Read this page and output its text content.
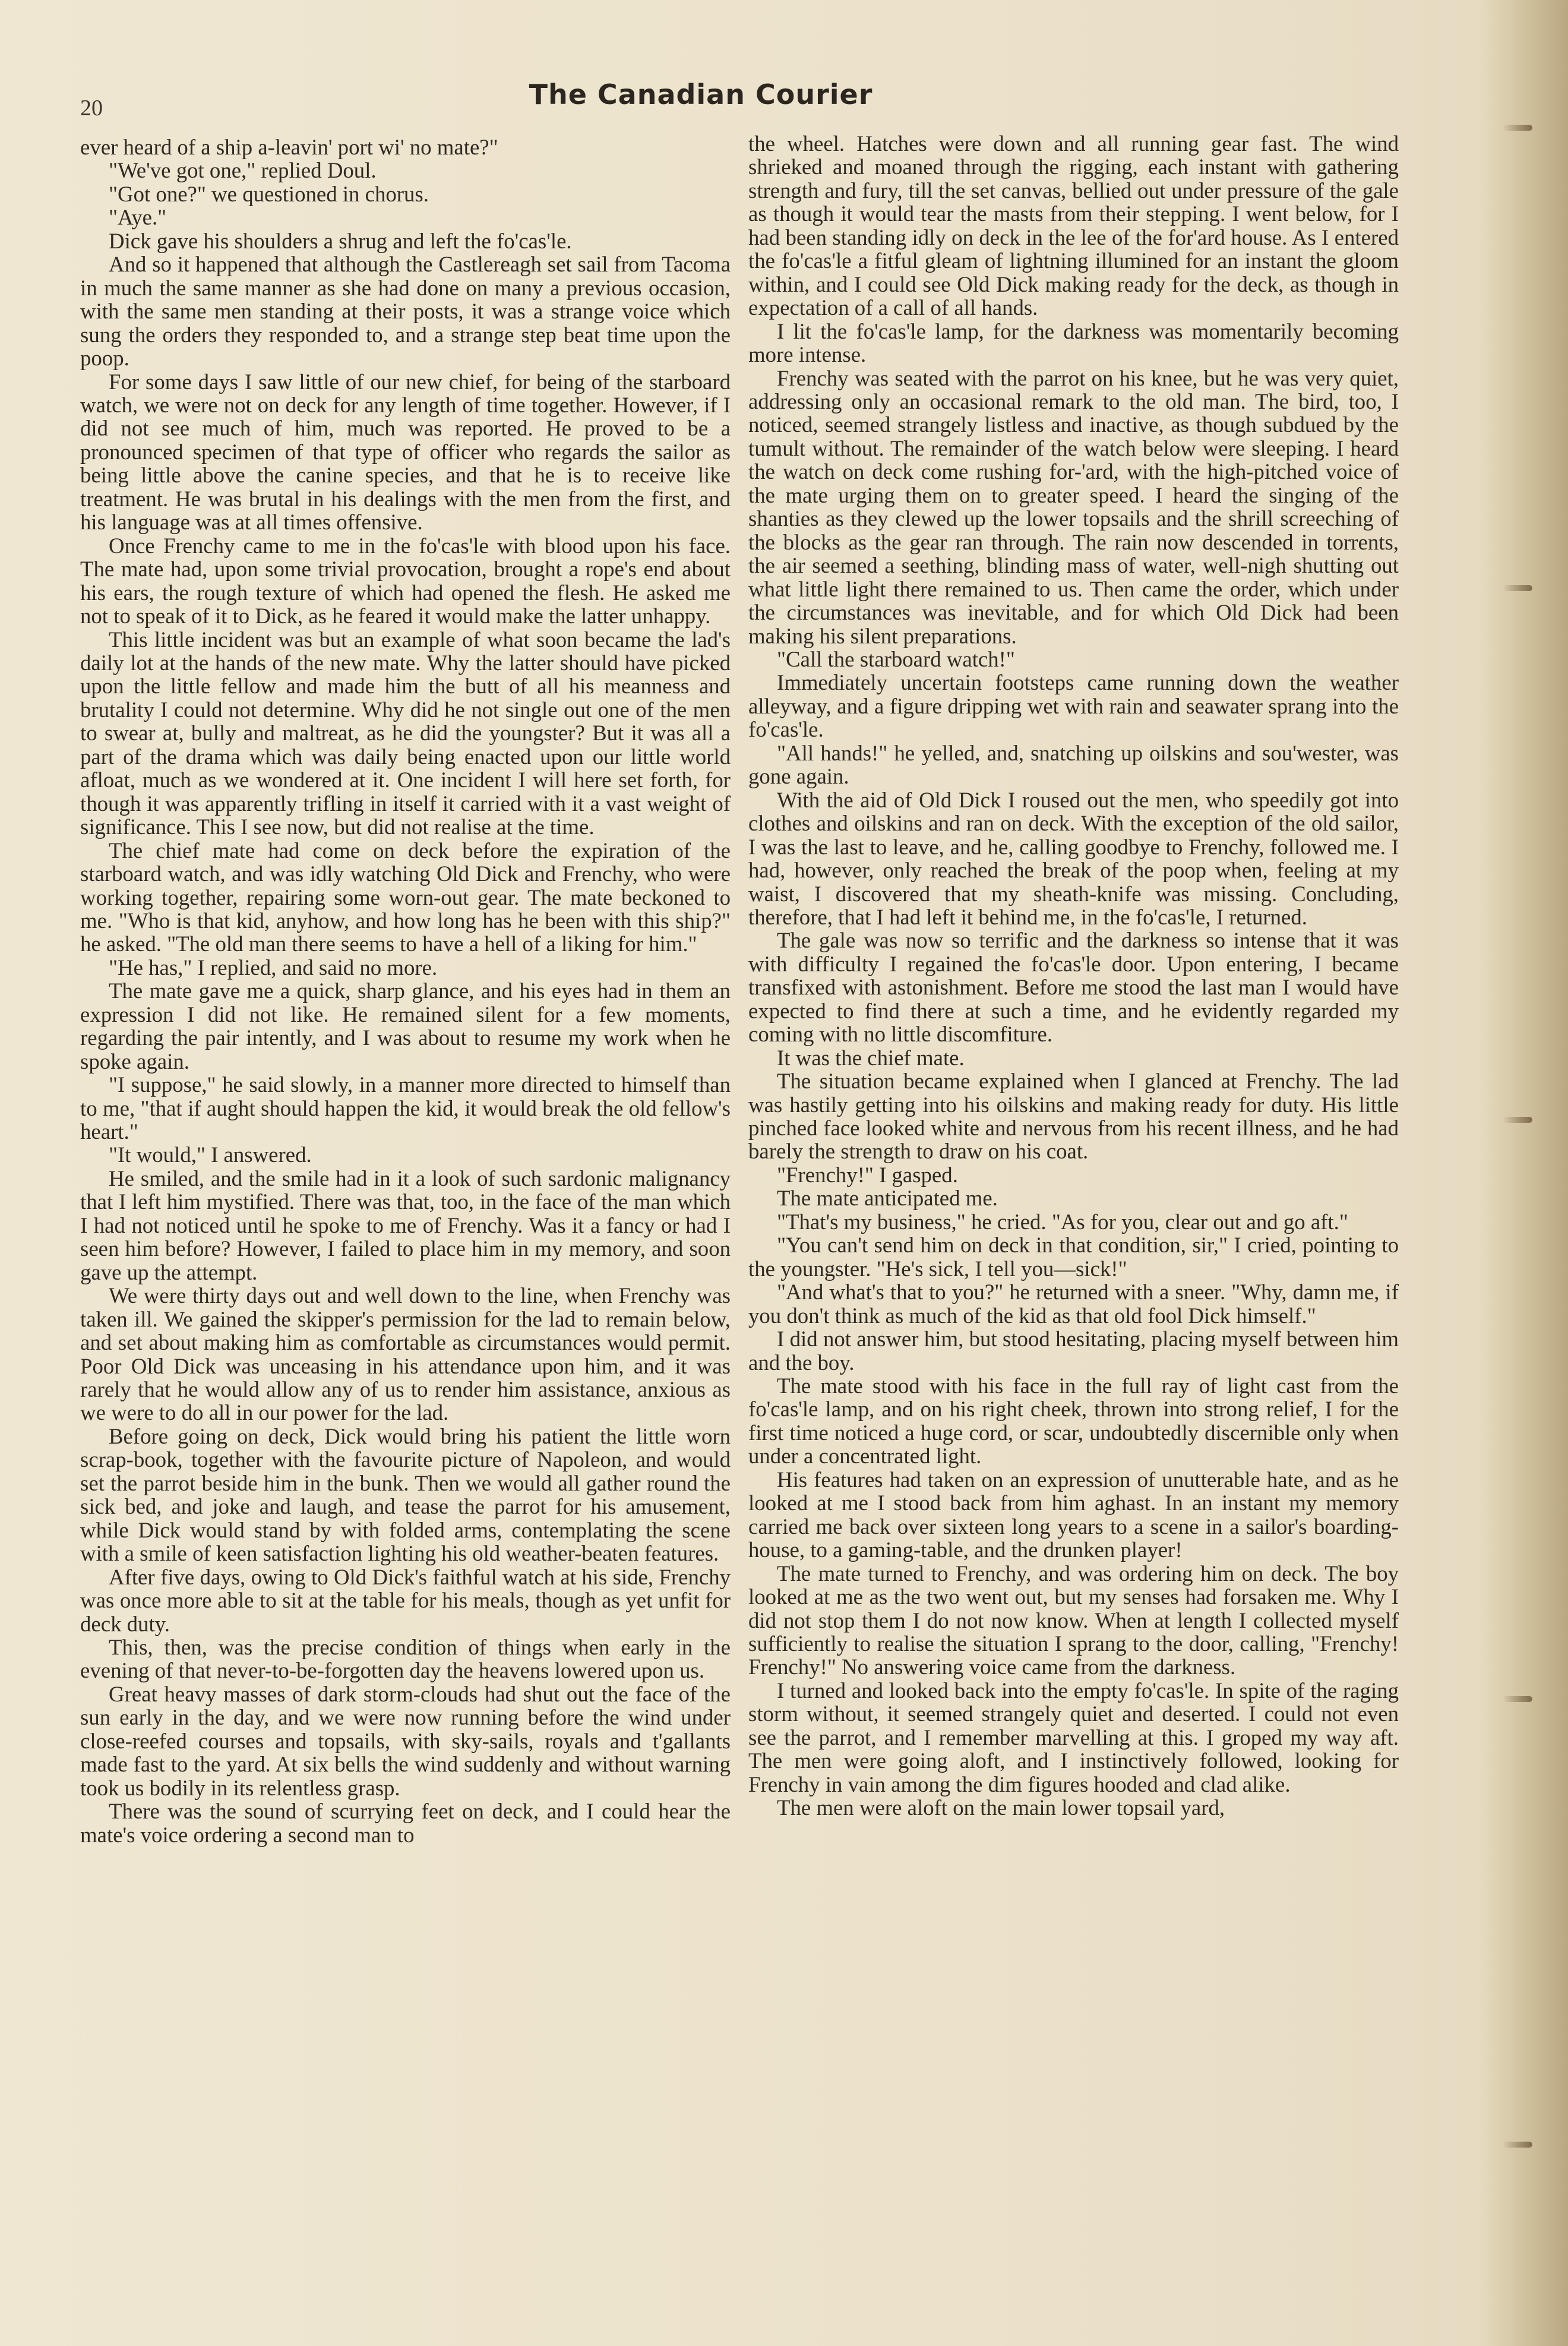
20	The Canadian Courier

ever heard of a ship a-leavin' port wi' no mate?"

"We've got one," replied Doul.

"Got one?" we questioned in chorus.

"Aye."

Dick gave his shoulders a shrug and left the fo'cas'le.

And so it happened that although the Castlereagh set sail from Tacoma in much the same manner as she had done on many a previous occasion, with the same men standing at their posts, it was a strange voice which sung the orders they responded to, and a strange step beat time upon the poop.

For some days I saw little of our new chief, for being of the starboard watch, we were not on deck for any length of time together. However, if I did not see much of him, much was reported. He proved to be a pronounced specimen of that type of officer who regards the sailor as being little above the canine species, and that he is to receive like treatment. He was brutal in his dealings with the men from the first, and his language was at all times offensive.

Once Frenchy came to me in the fo'cas'le with blood upon his face. The mate had, upon some trivial provocation, brought a rope's end about his ears, the rough texture of which had opened the flesh. He asked me not to speak of it to Dick, as he feared it would make the latter unhappy.

This little incident was but an example of what soon became the lad's daily lot at the hands of the new mate. Why the latter should have picked upon the little fellow and made him the butt of all his meanness and brutality I could not determine. Why did he not single out one of the men to swear at, bully and maltreat, as he did the youngster? But it was all a part of the drama which was daily being enacted upon our little world afloat, much as we wondered at it. One incident I will here set forth, for though it was apparently trifling in itself it carried with it a vast weight of significance. This I see now, but did not realise at the time.

The chief mate had come on deck before the expiration of the starboard watch, and was idly watching Old Dick and Frenchy, who were working together, repairing some worn-out gear. The mate beckoned to me. "Who is that kid, anyhow, and how long has he been with this ship?" he asked. "The old man there seems to have a hell of a liking for him."

"He has," I replied, and said no more.

The mate gave me a quick, sharp glance, and his eyes had in them an expression I did not like. He remained silent for a few moments, regarding the pair intently, and I was about to resume my work when he spoke again.

"I suppose," he said slowly, in a manner more directed to himself than to me, "that if aught should happen the kid, it would break the old fellow's heart."

"It would," I answered.

He smiled, and the smile had in it a look of such sardonic malignancy that I left him mystified. There was that, too, in the face of the man which I had not noticed until he spoke to me of Frenchy. Was it a fancy or had I seen him before? However, I failed to place him in my memory, and soon gave up the attempt.

We were thirty days out and well down to the line, when Frenchy was taken ill. We gained the skipper's permission for the lad to remain below, and set about making him as comfortable as circumstances would permit. Poor Old Dick was unceasing in his attendance upon him, and it was rarely that he would allow any of us to render him assistance, anxious as we were to do all in our power for the lad.

Before going on deck, Dick would bring his patient the little worn scrap-book, together with the favourite picture of Napoleon, and would set the parrot beside him in the bunk. Then we would all gather round the sick bed, and joke and laugh, and tease the parrot for his amusement, while Dick would stand by with folded arms, contemplating the scene with a smile of keen satisfaction lighting his old weather-beaten features.

After five days, owing to Old Dick's faithful watch at his side, Frenchy was once more able to sit at the table for his meals, though as yet unfit for deck duty.

This, then, was the precise condition of things when early in the evening of that never-to-be-forgotten day the heavens lowered upon us.

Great heavy masses of dark storm-clouds had shut out the face of the sun early in the day, and we were now running before the wind under close-reefed courses and topsails, with sky-sails, royals and t'gallants made fast to the yard. At six bells the wind suddenly and without warning took us bodily in its relentless grasp.

There was the sound of scurrying feet on deck, and I could hear the mate's voice ordering a second man to

the wheel. Hatches were down and all running gear fast. The wind shrieked and moaned through the rigging, each instant with gathering strength and fury, till the set canvas, bellied out under pressure of the gale as though it would tear the masts from their stepping. I went below, for I had been standing idly on deck in the lee of the for'ard house. As I entered the fo'cas'le a fitful gleam of lightning illumined for an instant the gloom within, and I could see Old Dick making ready for the deck, as though in expectation of a call of all hands.

I lit the fo'cas'le lamp, for the darkness was momentarily becoming more intense.

Frenchy was seated with the parrot on his knee, but he was very quiet, addressing only an occasional remark to the old man. The bird, too, I noticed, seemed strangely listless and inactive, as though subdued by the tumult without. The remainder of the watch below were sleeping. I heard the watch on deck come rushing for-'ard, with the high-pitched voice of the mate urging them on to greater speed. I heard the singing of the shanties as they clewed up the lower topsails and the shrill screeching of the blocks as the gear ran through. The rain now descended in torrents, the air seemed a seething, blinding mass of water, well-nigh shutting out what little light there remained to us. Then came the order, which under the circumstances was inevitable, and for which Old Dick had been making his silent preparations.

"Call the starboard watch!"

Immediately uncertain footsteps came running down the weather alleyway, and a figure dripping wet with rain and seawater sprang into the fo'cas'le.

"All hands!" he yelled, and, snatching up oilskins and sou'wester, was gone again.

With the aid of Old Dick I roused out the men, who speedily got into clothes and oilskins and ran on deck. With the exception of the old sailor, I was the last to leave, and he, calling goodbye to Frenchy, followed me. I had, however, only reached the break of the poop when, feeling at my waist, I discovered that my sheath-knife was missing. Concluding, therefore, that I had left it behind me, in the fo'cas'le, I returned.

The gale was now so terrific and the darkness so intense that it was with difficulty I regained the fo'cas'le door. Upon entering, I became transfixed with astonishment. Before me stood the last man I would have expected to find there at such a time, and he evidently regarded my coming with no little discomfiture.

It was the chief mate.

The situation became explained when I glanced at Frenchy. The lad was hastily getting into his oilskins and making ready for duty. His little pinched face looked white and nervous from his recent illness, and he had barely the strength to draw on his coat.

"Frenchy!" I gasped.

The mate anticipated me.

"That's my business," he cried. "As for you, clear out and go aft."

"You can't send him on deck in that condition, sir," I cried, pointing to the youngster. "He's sick, I tell you—sick!"

"And what's that to you?" he returned with a sneer. "Why, damn me, if you don't think as much of the kid as that old fool Dick himself."

I did not answer him, but stood hesitating, placing myself between him and the boy.

The mate stood with his face in the full ray of light cast from the fo'cas'le lamp, and on his right cheek, thrown into strong relief, I for the first time noticed a huge cord, or scar, undoubtedly discernible only when under a concentrated light.

His features had taken on an expression of unutterable hate, and as he looked at me I stood back from him aghast. In an instant my memory carried me back over sixteen long years to a scene in a sailor's boarding-house, to a gaming-table, and the drunken player!

The mate turned to Frenchy, and was ordering him on deck. The boy looked at me as the two went out, but my senses had forsaken me. Why I did not stop them I do not now know. When at length I collected myself sufficiently to realise the situation I sprang to the door, calling, "Frenchy! Frenchy!" No answering voice came from the darkness.

I turned and looked back into the empty fo'cas'le. In spite of the raging storm without, it seemed strangely quiet and deserted. I could not even see the parrot, and I remember marvelling at this. I groped my way aft. The men were going aloft, and I instinctively followed, looking for Frenchy in vain among the dim figures hooded and clad alike.

The men were aloft on the main lower topsail yard,
